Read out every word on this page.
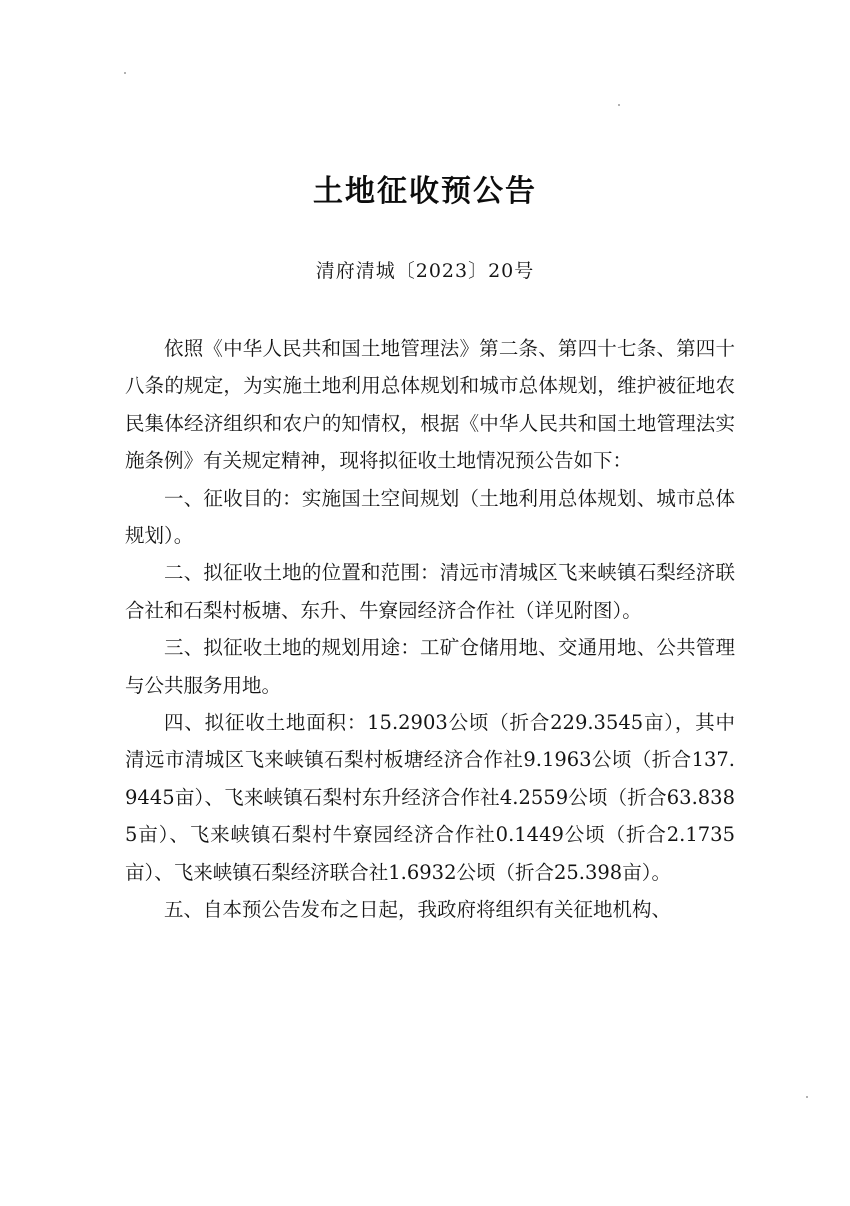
土地征收预公告
清府清城〔2023〕20号

依照《中华人民共和国土地管理法》第二条、第四十七条、第四十八条的规定，为实施土地利用总体规划和城市总体规划，维护被征地农民集体经济组织和农户的知情权，根据《中华人民共和国土地管理法实施条例》有关规定精神，现将拟征收土地情况预公告如下：

一、征收目的：实施国土空间规划（土地利用总体规划、城市总体规划）。

二、拟征收土地的位置和范围：清远市清城区飞来峡镇石梨经济联合社和石梨村板塘、东升、牛寮园经济合作社（详见附图）。

三、拟征收土地的规划用途：工矿仓储用地、交通用地、公共管理与公共服务用地。

四、拟征收土地面积：15.2903公顷（折合229.3545亩），其中清远市清城区飞来峡镇石梨村板塘经济合作社9.1963公顷（折合137.9445亩）、飞来峡镇石梨村东升经济合作社4.2559公顷（折合63.8385亩）、飞来峡镇石梨村牛寮园经济合作社0.1449公顷（折合2.1735亩）、飞来峡镇石梨经济联合社1.6932公顷（折合25.398亩）。

五、自本预公告发布之日起，我政府将组织有关征地机构、
